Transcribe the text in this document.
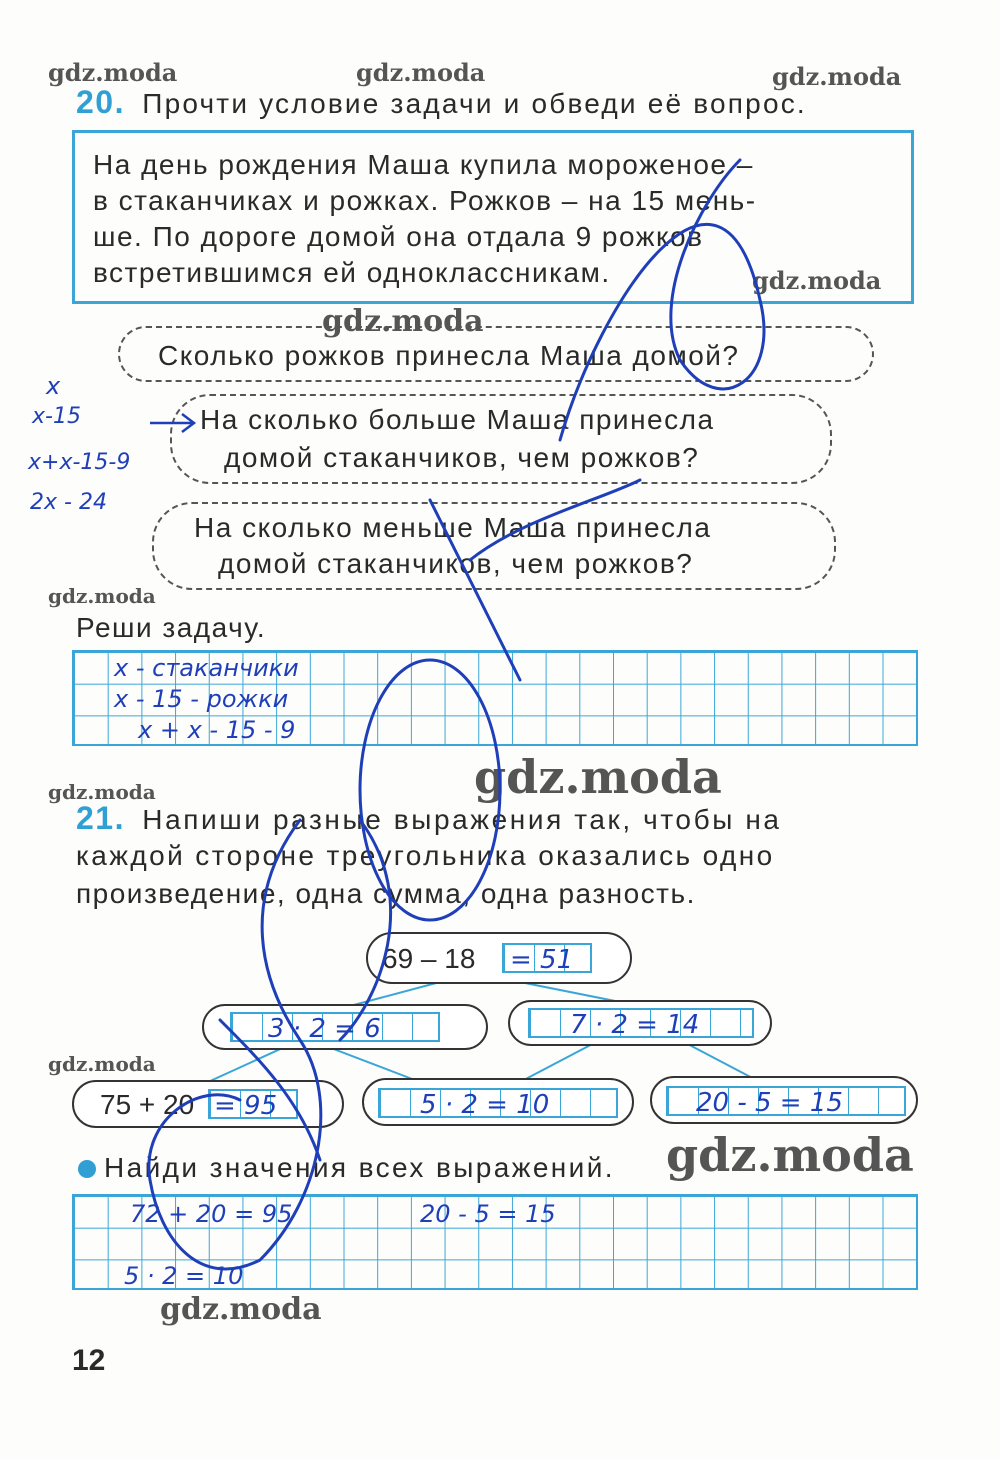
gdz.moda	gdz.moda	gdz.moda
gdz.moda
gdz.moda
gdz.moda
gdz.moda
gdz.moda
gdz.moda
gdz.moda
gdz.moda
20. Прочти условие задачи и обведи её вопрос.
На день рождения Маша купила мороженое –
в стаканчиках и рожках. Рожков – на 15 мень-
ше. По дороге домой она отдала 9 рожков
встретившимся ей одноклассникам.
Сколько рожков принесла Маша домой?
На сколько больше Маша принесла
домой стаканчиков, чем рожков?
На сколько меньше Маша принесла
домой стаканчиков, чем рожков?
x
x-15
x+x-15-9
2x - 24
Реши задачу.
x - стаканчики
x - 15 - рожки
x + x - 15 - 9
21. Напиши разные выражения так, чтобы на
каждой стороне треугольника оказались одно
произведение, одна сумма, одна разность.
69 – 18 = 51
3 · 2 = 6	7 · 2 = 14
75 + 20 = 95	5 · 2 = 10	20 - 5 = 15
Найди значения всех выражений.
72 + 20 = 95	20 - 5 = 15
5 · 2 = 10
12
